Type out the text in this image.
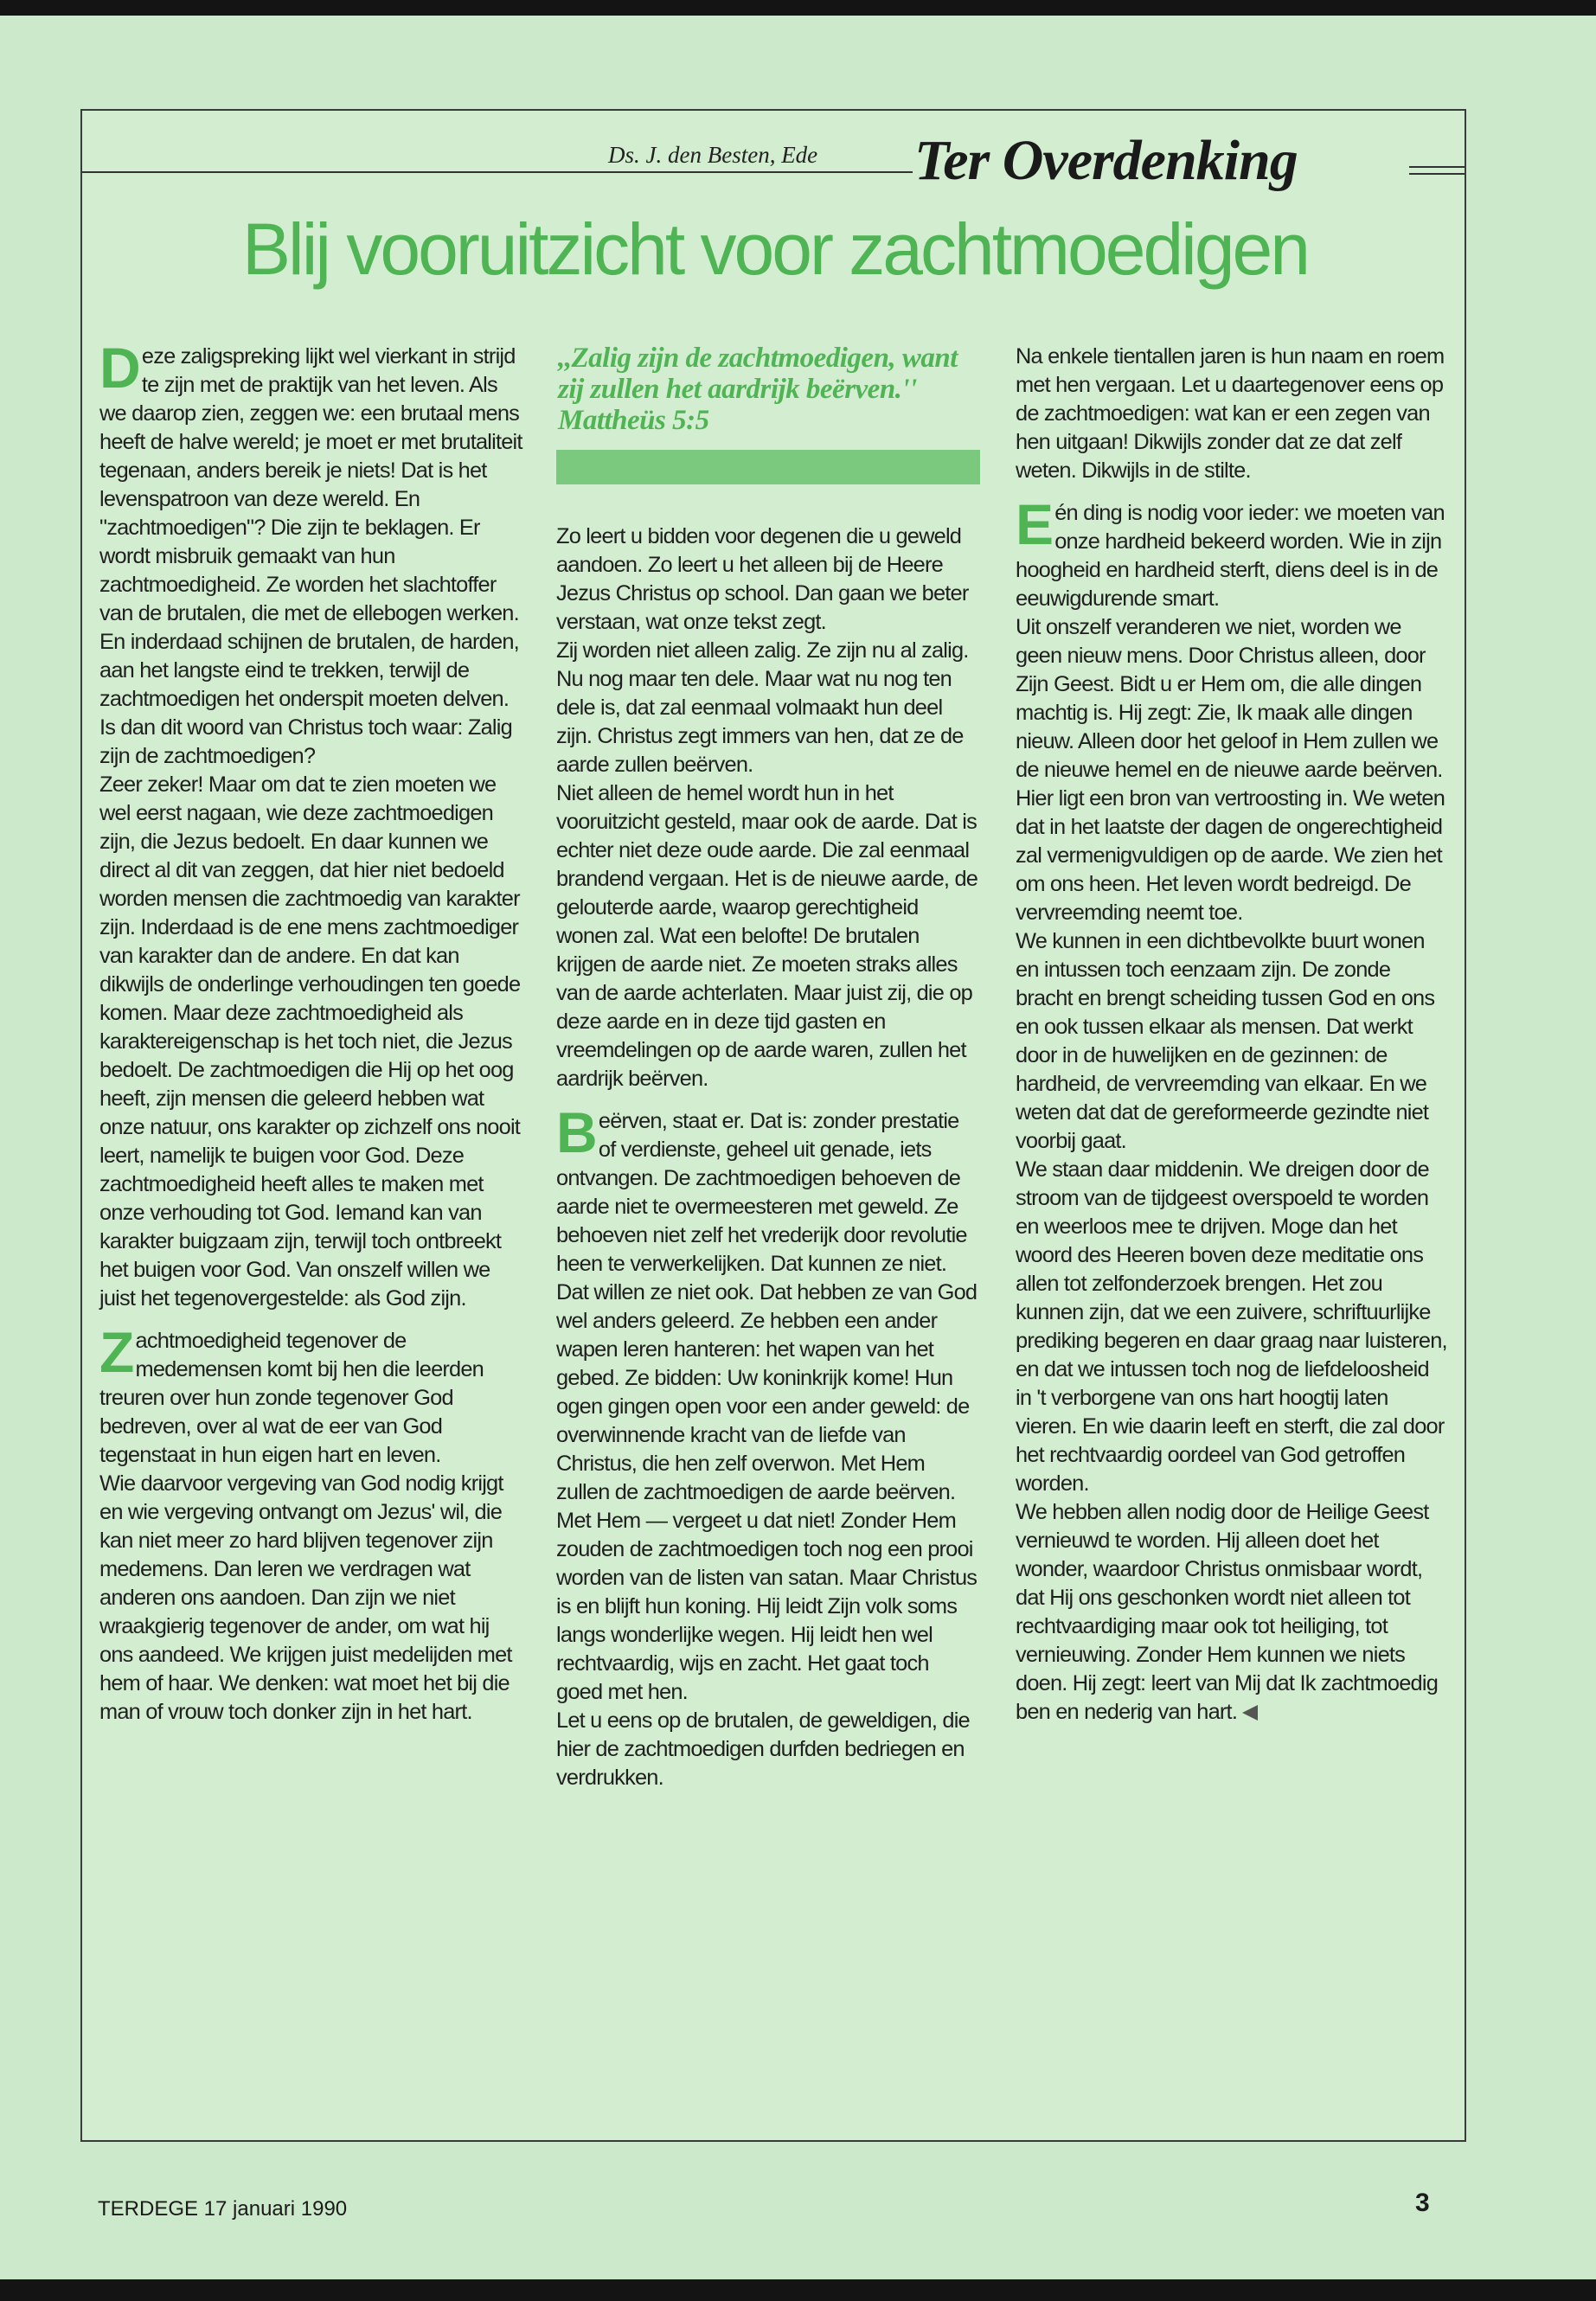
Ds. J. den Besten, Ede Ter Overdenking
Blij vooruitzicht voor zachtmoedigen

Deze zaligspreking lijkt wel vierkant in strijd te zijn met de praktijk van het leven. Als we daarop zien, zeggen we: een brutaal mens heeft de halve wereld; je moet er met brutaliteit tegenaan, anders bereik je niets! Dat is het levenspatroon van deze wereld. En "zachtmoedigen"? Die zijn te beklagen. Er wordt misbruik gemaakt van hun zachtmoedigheid. Ze worden het slachtoffer van de brutalen, die met de ellebogen werken. En inderdaad schijnen de brutalen, de harden, aan het langste eind te trekken, terwijl de zachtmoedigen het onderspit moeten delven. Is dan dit woord van Christus toch waar: Zalig zijn de zachtmoedigen?

Zeer zeker! Maar om dat te zien moeten we wel eerst nagaan, wie deze zachtmoedigen zijn, die Jezus bedoelt. En daar kunnen we direct al dit van zeggen, dat hier niet bedoeld worden mensen die zachtmoedig van karakter zijn. Inderdaad is de ene mens zachtmoediger van karakter dan de andere. En dat kan dikwijls de onderlinge verhoudingen ten goede komen. Maar deze zachtmoedigheid als karaktereigenschap is het toch niet, die Jezus bedoelt. De zachtmoedigen die Hij op het oog heeft, zijn mensen die geleerd hebben wat onze natuur, ons karakter op zichzelf ons nooit leert, namelijk te buigen voor God. Deze zachtmoedigheid heeft alles te maken met onze verhouding tot God. Iemand kan van karakter buigzaam zijn, terwijl toch ontbreekt het buigen voor God. Van onszelf willen we juist het tegenovergestelde: als God zijn.

Zachtmoedigheid tegenover de medemensen komt bij hen die leerden treuren over hun zonde tegenover God bedreven, over al wat de eer van God tegenstaat in hun eigen hart en leven.

Wie daarvoor vergeving van God nodig krijgt en wie vergeving ontvangt om Jezus' wil, die kan niet meer zo hard blijven tegenover zijn medemens. Dan leren we verdragen wat anderen ons aandoen. Dan zijn we niet wraakgierig tegenover de ander, om wat hij ons aandeed. We krijgen juist medelijden met hem of haar. We denken: wat moet het bij die man of vrouw toch donker zijn in het hart.

,,Zalig zijn de zachtmoedigen, want zij zullen het aardrijk beërven.''
Mattheüs 5:5

Zo leert u bidden voor degenen die u geweld aandoen. Zo leert u het alleen bij de Heere Jezus Christus op school. Dan gaan we beter verstaan, wat onze tekst zegt.

Zij worden niet alleen zalig. Ze zijn nu al zalig. Nu nog maar ten dele. Maar wat nu nog ten dele is, dat zal eenmaal volmaakt hun deel zijn. Christus zegt immers van hen, dat ze de aarde zullen beërven.

Niet alleen de hemel wordt hun in het vooruitzicht gesteld, maar ook de aarde. Dat is echter niet deze oude aarde. Die zal eenmaal brandend vergaan. Het is de nieuwe aarde, de gelouterde aarde, waarop gerechtigheid wonen zal. Wat een belofte! De brutalen krijgen de aarde niet. Ze moeten straks alles van de aarde achterlaten. Maar juist zij, die op deze aarde en in deze tijd gasten en vreemdelingen op de aarde waren, zullen het aardrijk beërven.

Beërven, staat er. Dat is: zonder prestatie of verdienste, geheel uit genade, iets ontvangen. De zachtmoedigen behoeven de aarde niet te overmeesteren met geweld. Ze behoeven niet zelf het vrederijk door revolutie heen te verwerkelijken. Dat kunnen ze niet. Dat willen ze niet ook. Dat hebben ze van God wel anders geleerd. Ze hebben een ander wapen leren hanteren: het wapen van het gebed. Ze bidden: Uw koninkrijk kome! Hun ogen gingen open voor een ander geweld: de overwinnende kracht van de liefde van Christus, die hen zelf overwon. Met Hem zullen de zachtmoedigen de aarde beërven. Met Hem — vergeet u dat niet! Zonder Hem zouden de zachtmoedigen toch nog een prooi worden van de listen van satan. Maar Christus is en blijft hun koning. Hij leidt Zijn volk soms langs wonderlijke wegen. Hij leidt hen wel rechtvaardig, wijs en zacht. Het gaat toch goed met hen.

Let u eens op de brutalen, de geweldigen, die hier de zachtmoedigen durfden bedriegen en verdrukken.

Na enkele tientallen jaren is hun naam en roem met hen vergaan. Let u daartegenover eens op de zachtmoedigen: wat kan er een zegen van hen uitgaan! Dikwijls zonder dat ze dat zelf weten. Dikwijls in de stilte.

Eén ding is nodig voor ieder: we moeten van onze hardheid bekeerd worden. Wie in zijn hoogheid en hardheid sterft, diens deel is in de eeuwigdurende smart.

Uit onszelf veranderen we niet, worden we geen nieuw mens. Door Christus alleen, door Zijn Geest. Bidt u er Hem om, die alle dingen machtig is. Hij zegt: Zie, Ik maak alle dingen nieuw. Alleen door het geloof in Hem zullen we de nieuwe hemel en de nieuwe aarde beërven. Hier ligt een bron van vertroosting in. We weten dat in het laatste der dagen de ongerechtigheid zal vermenigvuldigen op de aarde. We zien het om ons heen. Het leven wordt bedreigd. De vervreemding neemt toe.

We kunnen in een dichtbevolkte buurt wonen en intussen toch eenzaam zijn. De zonde bracht en brengt scheiding tussen God en ons en ook tussen elkaar als mensen. Dat werkt door in de huwelijken en de gezinnen: de hardheid, de vervreemding van elkaar. En we weten dat dat de gereformeerde gezindte niet voorbij gaat.

We staan daar middenin. We dreigen door de stroom van de tijdgeest overspoeld te worden en weerloos mee te drijven. Moge dan het woord des Heeren boven deze meditatie ons allen tot zelfonderzoek brengen. Het zou kunnen zijn, dat we een zuivere, schriftuurlijke prediking begeren en daar graag naar luisteren, en dat we intussen toch nog de liefdeloosheid in 't verborgene van ons hart hoogtij laten vieren. En wie daarin leeft en sterft, die zal door het rechtvaardig oordeel van God getroffen worden.

We hebben allen nodig door de Heilige Geest vernieuwd te worden. Hij alleen doet het wonder, waardoor Christus onmisbaar wordt, dat Hij ons geschonken wordt niet alleen tot rechtvaardiging maar ook tot heiliging, tot vernieuwing. Zonder Hem kunnen we niets doen. Hij zegt: leert van Mij dat Ik zachtmoedig ben en nederig van hart.

TERDEGE 17 januari 1990	3
